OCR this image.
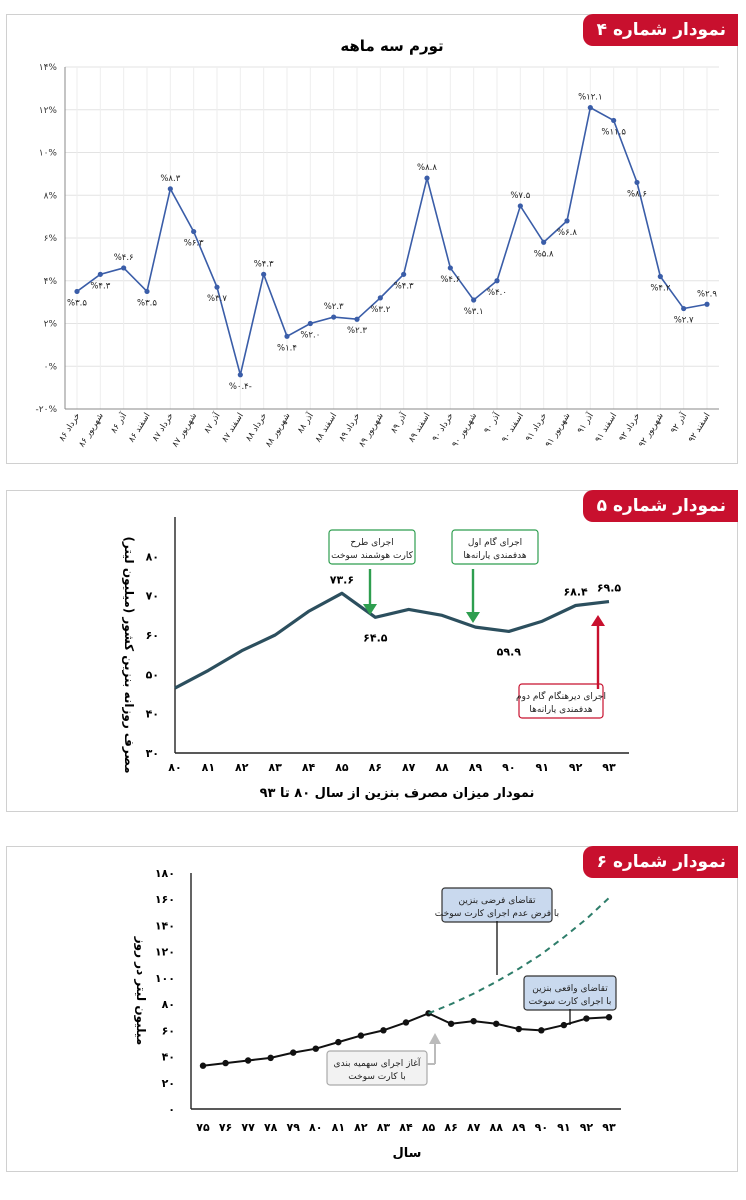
نمودار شماره ۴
تورم سه ماهه
-۲۰%
۰%
۲%
۴%
۶%
۸%
۱۰%
۱۲%
۱۴%
%۳.۵
%۴.۳
%۴.۶
%۳.۵
%۸.۳
%۶.۳
%۳.۷
%۰.۴-
%۴.۳
%۱.۴
%۲.۰
%۲.۳
%۲.۳
%۳.۲
%۴.۳
%۸.۸
%۴.۶
%۳.۱
%۴.۰
%۷.۵
%۵.۸
%۶.۸
%۱۲.۱
%۱۱.۵
%۸.۶
%۴.۲
%۲.۷
%۲.۹
خرداد ۸۶
شهریور ۸۶ آذر ۸۶
اسفند ۸۶
خرداد ۸۷
شهریور ۸۷ آذر ۸۷
اسفند ۸۷
خرداد ۸۸
شهریور ۸۸ آذر ۸۸
اسفند ۸۸
خرداد ۸۹
شهریور ۸۹ آذر ۸۹
اسفند ۸۹
خرداد ۹۰
شهریور ۹۰ آذر ۹۰
اسفند ۹۰
خرداد ۹۱
شهریور ۹۱ آذر ۹۱
اسفند ۹۱
خرداد ۹۲
شهریور ۹۲ آذر ۹۲
اسفند ۹۲
نمودار شماره ۵
۳۰
۴۰
۵۰
۶۰
۷۰
۸۰
۸۰ ۸۱ ۸۲ ۸۳ ۸۴ ۸۵ ۸۶ ۸۷ ۸۸ ۸۹ ۹۰ ۹۱ ۹۲ ۹۳
۷۳.۶
۶۴.۵
۵۹.۹
۶۸.۴ ۶۹.۵
اجرای طرح
کارت هوشمند سوخت
اجرای گام اول
هدفمندی یارانه‌ها
اجرای دیرهنگام گام دوم
هدفمندی یارانه‌ها
مصرف روزانه بنزین کشور (میلیون لیتر)
نمودار میزان مصرف بنزین از سال ۸۰ تا ۹۳
نمودار شماره ۶
۰
۲۰
۴۰
۶۰
۸۰
۱۰۰
۱۲۰
۱۴۰
۱۶۰
۱۸۰
۷۵ ۷۶ ۷۷ ۷۸ ۷۹ ۸۰ ۸۱ ۸۲ ۸۳ ۸۴ ۸۵ ۸۶ ۸۷ ۸۸ ۸۹ ۹۰ ۹۱ ۹۲ ۹۳
تقاضای فرضی بنزین
با فرض عدم اجرای کارت سوخت
تقاضای واقعی بنزین
با اجرای کارت سوخت
آغاز اجرای سهمیه بندی
با کارت سوخت
میلیون لیتر در روز
سال
